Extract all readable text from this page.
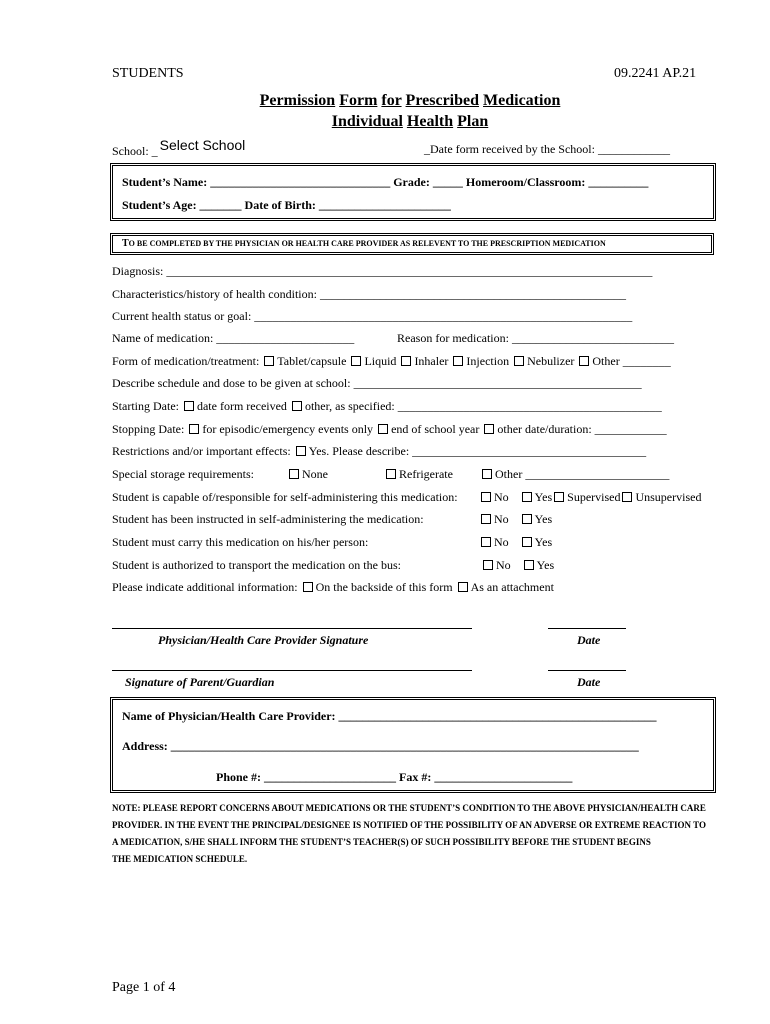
STUDENTS	09.2241 AP.21
Permission Form for Prescribed Medication
Individual Health Plan
School: _ Select School	_Date form received by the School: ____________
Student’s Name: ______________________________ Grade: _____ Homeroom/Classroom: __________
Student’s Age: _______ Date of Birth: ______________________
TO BE COMPLETED BY THE PHYSICIAN OR HEALTH CARE PROVIDER AS RELEVENT TO THE PRESCRIPTION MEDICATION
Diagnosis: _________________________________________________________________________________
Characteristics/history of health condition: ___________________________________________________
Current health status or goal: _______________________________________________________________
Name of medication: _______________________	Reason for medication: ___________________________
Form of medication/treatment: Tablet/capsule Liquid Inhaler Injection Nebulizer Other ________
Describe schedule and dose to be given at school: ________________________________________________
Starting Date: date form received other, as specified: ____________________________________________
Stopping Date: for episodic/emergency events only end of school year other date/duration: ____________
Restrictions and/or important effects: Yes. Please describe: _______________________________________
Special storage requirements:	None	Refrigerate	Other ________________________
Student is capable of/responsible for self-administering this medication:	No Yes Supervised Unsupervised
Student has been instructed in self-administering the medication:	No Yes
Student must carry this medication on his/her person:	No Yes
Student is authorized to transport the medication on the bus:	No Yes
Please indicate additional information: On the backside of this form As an attachment
Physician/Health Care Provider Signature	Date
Signature of Parent/Guardian	Date
Name of Physician/Health Care Provider: _____________________________________________________
Address: ______________________________________________________________________________
Phone #: ______________________ Fax #: _______________________
NOTE: PLEASE REPORT CONCERNS ABOUT MEDICATIONS OR THE STUDENT’S CONDITION TO THE ABOVE PHYSICIAN/HEALTH CARE
PROVIDER. IN THE EVENT THE PRINCIPAL/DESIGNEE IS NOTIFIED OF THE POSSIBILITY OF AN ADVERSE OR EXTREME REACTION TO
A MEDICATION, S/HE SHALL INFORM THE STUDENT’S TEACHER(S) OF SUCH POSSIBILITY BEFORE THE STUDENT BEGINS
THE MEDICATION SCHEDULE.
Page 1 of 4
